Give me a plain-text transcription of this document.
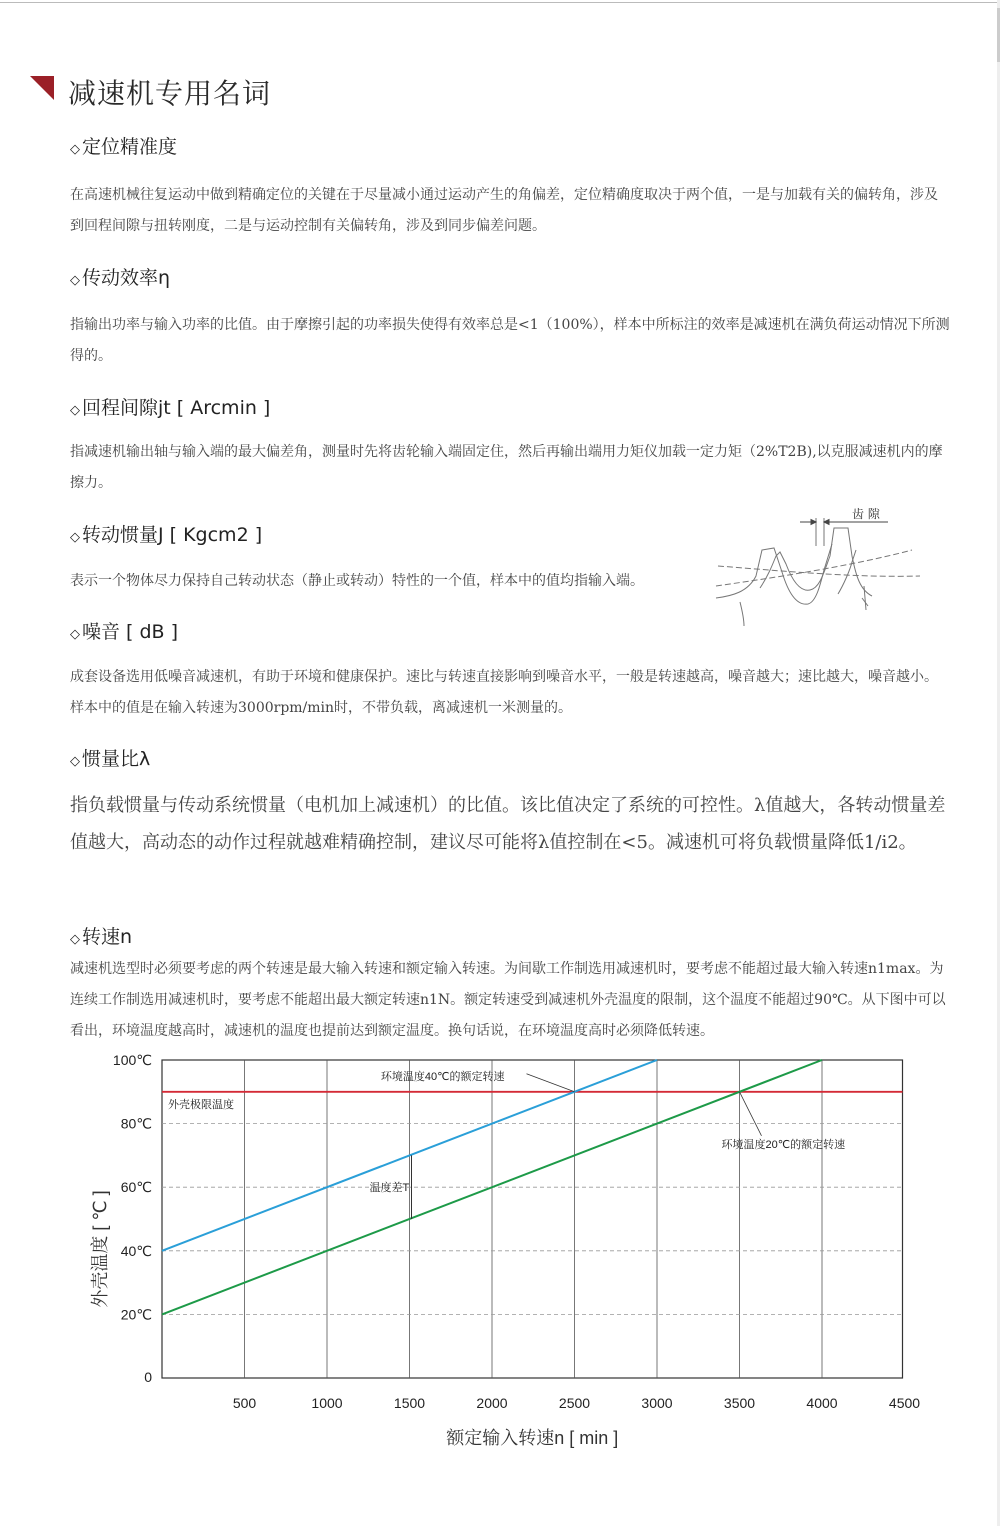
减速机专用名词
◇ 定位精准度
在高速机械往复运动中做到精确定位的关键在于尽量减小通过运动产生的角偏差，定位精确度取决于两个值，一是与加载有关的偏转角，涉及到回程间隙与扭转刚度，二是与运动控制有关偏转角，涉及到同步偏差问题。
◇ 传动效率η
指输出功率与输入功率的比值。由于摩擦引起的功率损失使得有效率总是<1（100%），样本中所标注的效率是减速机在满负荷运动情况下所测得的。
◇ 回程间隙jt [ Arcmin ]
指减速机输出轴与输入端的最大偏差角，测量时先将齿轮输入端固定住，然后再输出端用力矩仪加载一定力矩（2%T2B),以克服减速机内的摩擦力。
◇ 转动惯量J [ Kgcm2 ]
表示一个物体尽力保持自己转动状态（静止或转动）特性的一个值，样本中的值均指输入端。
齿 隙
◇ 噪音 [ dB ]
成套设备选用低噪音减速机，有助于环境和健康保护。速比与转速直接影响到噪音水平，一般是转速越高，噪音越大；速比越大，噪音越小。样本中的值是在输入转速为3000rpm/min时，不带负载，离减速机一米测量的。
◇ 惯量比λ
指负载惯量与传动系统惯量（电机加上减速机）的比值。该比值决定了系统的可控性。λ值越大，各转动惯量差值越大，高动态的动作过程就越难精确控制，建议尽可能将λ值控制在<5。减速机可将负载惯量降低1/i2。
◇ 转速n
减速机选型时必须要考虑的两个转速是最大输入转速和额定输入转速。为间歇工作制选用减速机时，要考虑不能超过最大输入转速n1max。为连续工作制选用减速机时，要考虑不能超出最大额定转速n1N。额定转速受到减速机外壳温度的限制，这个温度不能超过90℃。从下图中可以看出，环境温度越高时，减速机的温度也提前达到额定温度。换句话说，在环境温度高时必须降低转速。
500	1000	1500	2000	2500	3000	3500	4000	4500
0
20℃
40℃
60℃
80℃
100℃
外壳极限温度
环境温度40℃的额定转速
环境温度20℃的额定转速
温度差T
额定输入转速n [ min ]
外壳温度 [ ℃ ]
